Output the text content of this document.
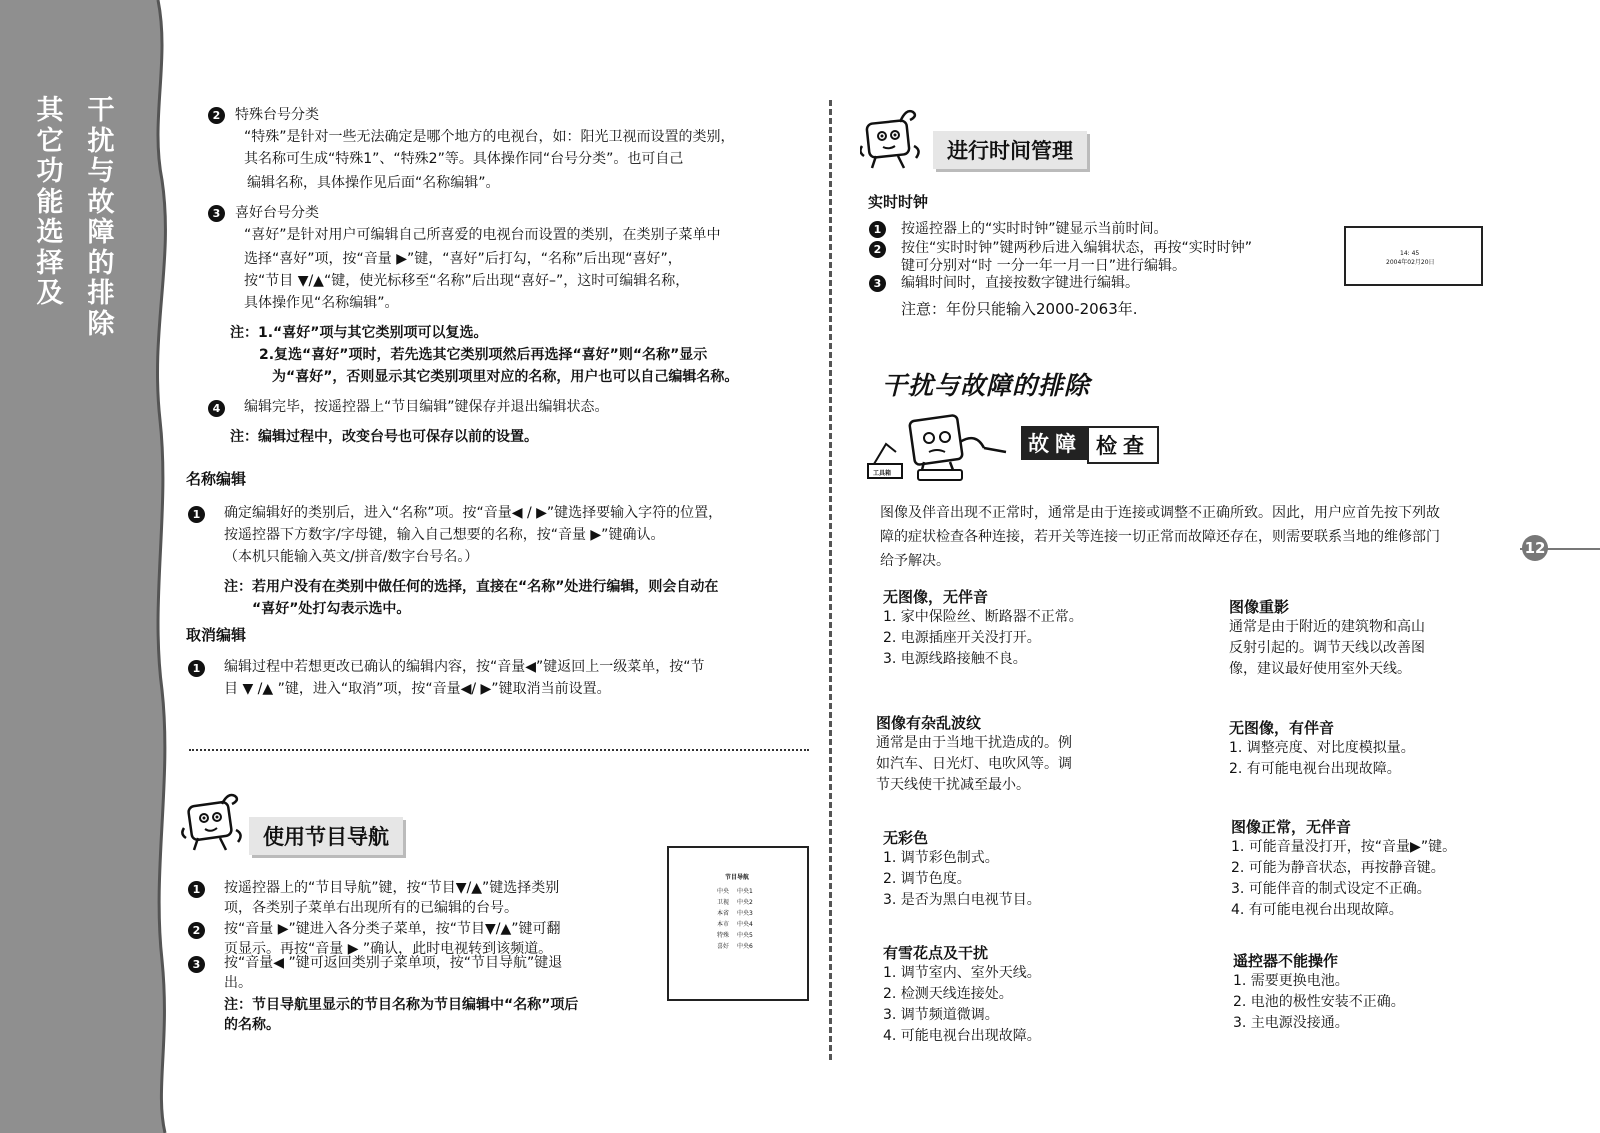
其
它
功
能
选
择
及
干
扰
与
故
障
的
排
除
2	特殊台号分类
“特殊”是针对一些无法确定是哪个地方的电视台，如：阳光卫视而设置的类别，
其名称可生成“特殊1”、“特殊2”等。具体操作同“台号分类”。也可自己
编辑名称，具体操作见后面“名称编辑”。
3	喜好台号分类
“喜好”是针对用户可编辑自己所喜爱的电视台而设置的类别，在类别子菜单中
选择“喜好”项，按“音量 ▶”键，“喜好”后打勾，“名称”后出现“喜好”，
按“节目 ▼/▲“键，使光标移至“名称”后出现“喜好–”，这时可编辑名称，
具体操作见“名称编辑”。
注：1.“喜好”项与其它类别项可以复选。
2.复选“喜好”项时，若先选其它类别项然后再选择“喜好”则“名称”显示
为“喜好”，否则显示其它类别项里对应的名称，用户也可以自己编辑名称。
4	编辑完毕，按遥控器上“节目编辑”键保存并退出编辑状态。
注：编辑过程中，改变台号也可保存以前的设置。
名称编辑
1	确定编辑好的类别后，进入“名称”项。按“音量◀ / ▶”键选择要输入字符的位置，
按遥控器下方数字/字母键，输入自己想要的名称，按“音量 ▶”键确认。
（本机只能输入英文/拼音/数字台号名。）
注：若用户没有在类别中做任何的选择，直接在“名称”处进行编辑，则会自动在
“喜好”处打勾表示选中。
取消编辑
1	编辑过程中若想更改已确认的编辑内容，按“音量◀”键返回上一级菜单，按“节
目 ▼ /▲ ”键，进入“取消”项，按“音量◀/ ▶”键取消当前设置。
使用节目导航
1	按遥控器上的“节目导航”键，按“节目▼/▲”键选择类别
项，各类别子菜单右出现所有的已编辑的台号。
2	按“音量 ▶”键进入各分类子菜单，按“节目▼/▲”键可翻
页显示。再按“音量 ▶ ”确认，此时电视转到该频道。
3	按“音量◀ ”键可返回类别子菜单项，按“节目导航”键退
出。
注：节目导航里显示的节目名称为节目编辑中“名称”项后
的名称。
节目导航
中央 中央1
卫视 中央2
本省 中央3
本市 中央4
特殊 中央5
喜好 中央6
进行时间管理
实时时钟
1	按遥控器上的“实时时钟”键显示当前时间。
2	按住“实时时钟”键两秒后进入编辑状态，再按“实时时钟”
键可分别对“时 一分一年一月一日”进行编辑。
3	编辑时间时，直接按数字键进行编辑。
注意：年份只能输入2000-2063年.
14: 45
2004年02月20日
干扰与故障的排除
工具箱
故障 检查
图像及伴音出现不正常时，通常是由于连接或调整不正确所致。因此，用户应首先按下列故
障的症状检查各种连接，若开关等连接一切正常而故障还存在，则需要联系当地的维修部门
给予解决。
无图像，无伴音
1. 家中保险丝、断路器不正常。
2. 电源插座开关没打开。
3. 电源线路接触不良。
图像有杂乱波纹
通常是由于当地干扰造成的。例
如汽车、日光灯、电吹风等。调
节天线使干扰减至最小。
无彩色
1. 调节彩色制式。
2. 调节色度。
3. 是否为黑白电视节目。
有雪花点及干扰
1. 调节室内、室外天线。
2. 检测天线连接处。
3. 调节频道微调。
4. 可能电视台出现故障。
图像重影
通常是由于附近的建筑物和高山
反射引起的。调节天线以改善图
像，建议最好使用室外天线。
无图像，有伴音
1. 调整亮度、对比度模拟量。
2. 有可能电视台出现故障。
图像正常，无伴音
1. 可能音量没打开，按“音量▶”键。
2. 可能为静音状态，再按静音键。
3. 可能伴音的制式设定不正确。
4. 有可能电视台出现故障。
遥控器不能操作
1. 需要更换电池。
2. 电池的极性安装不正确。
3. 主电源没接通。
12
